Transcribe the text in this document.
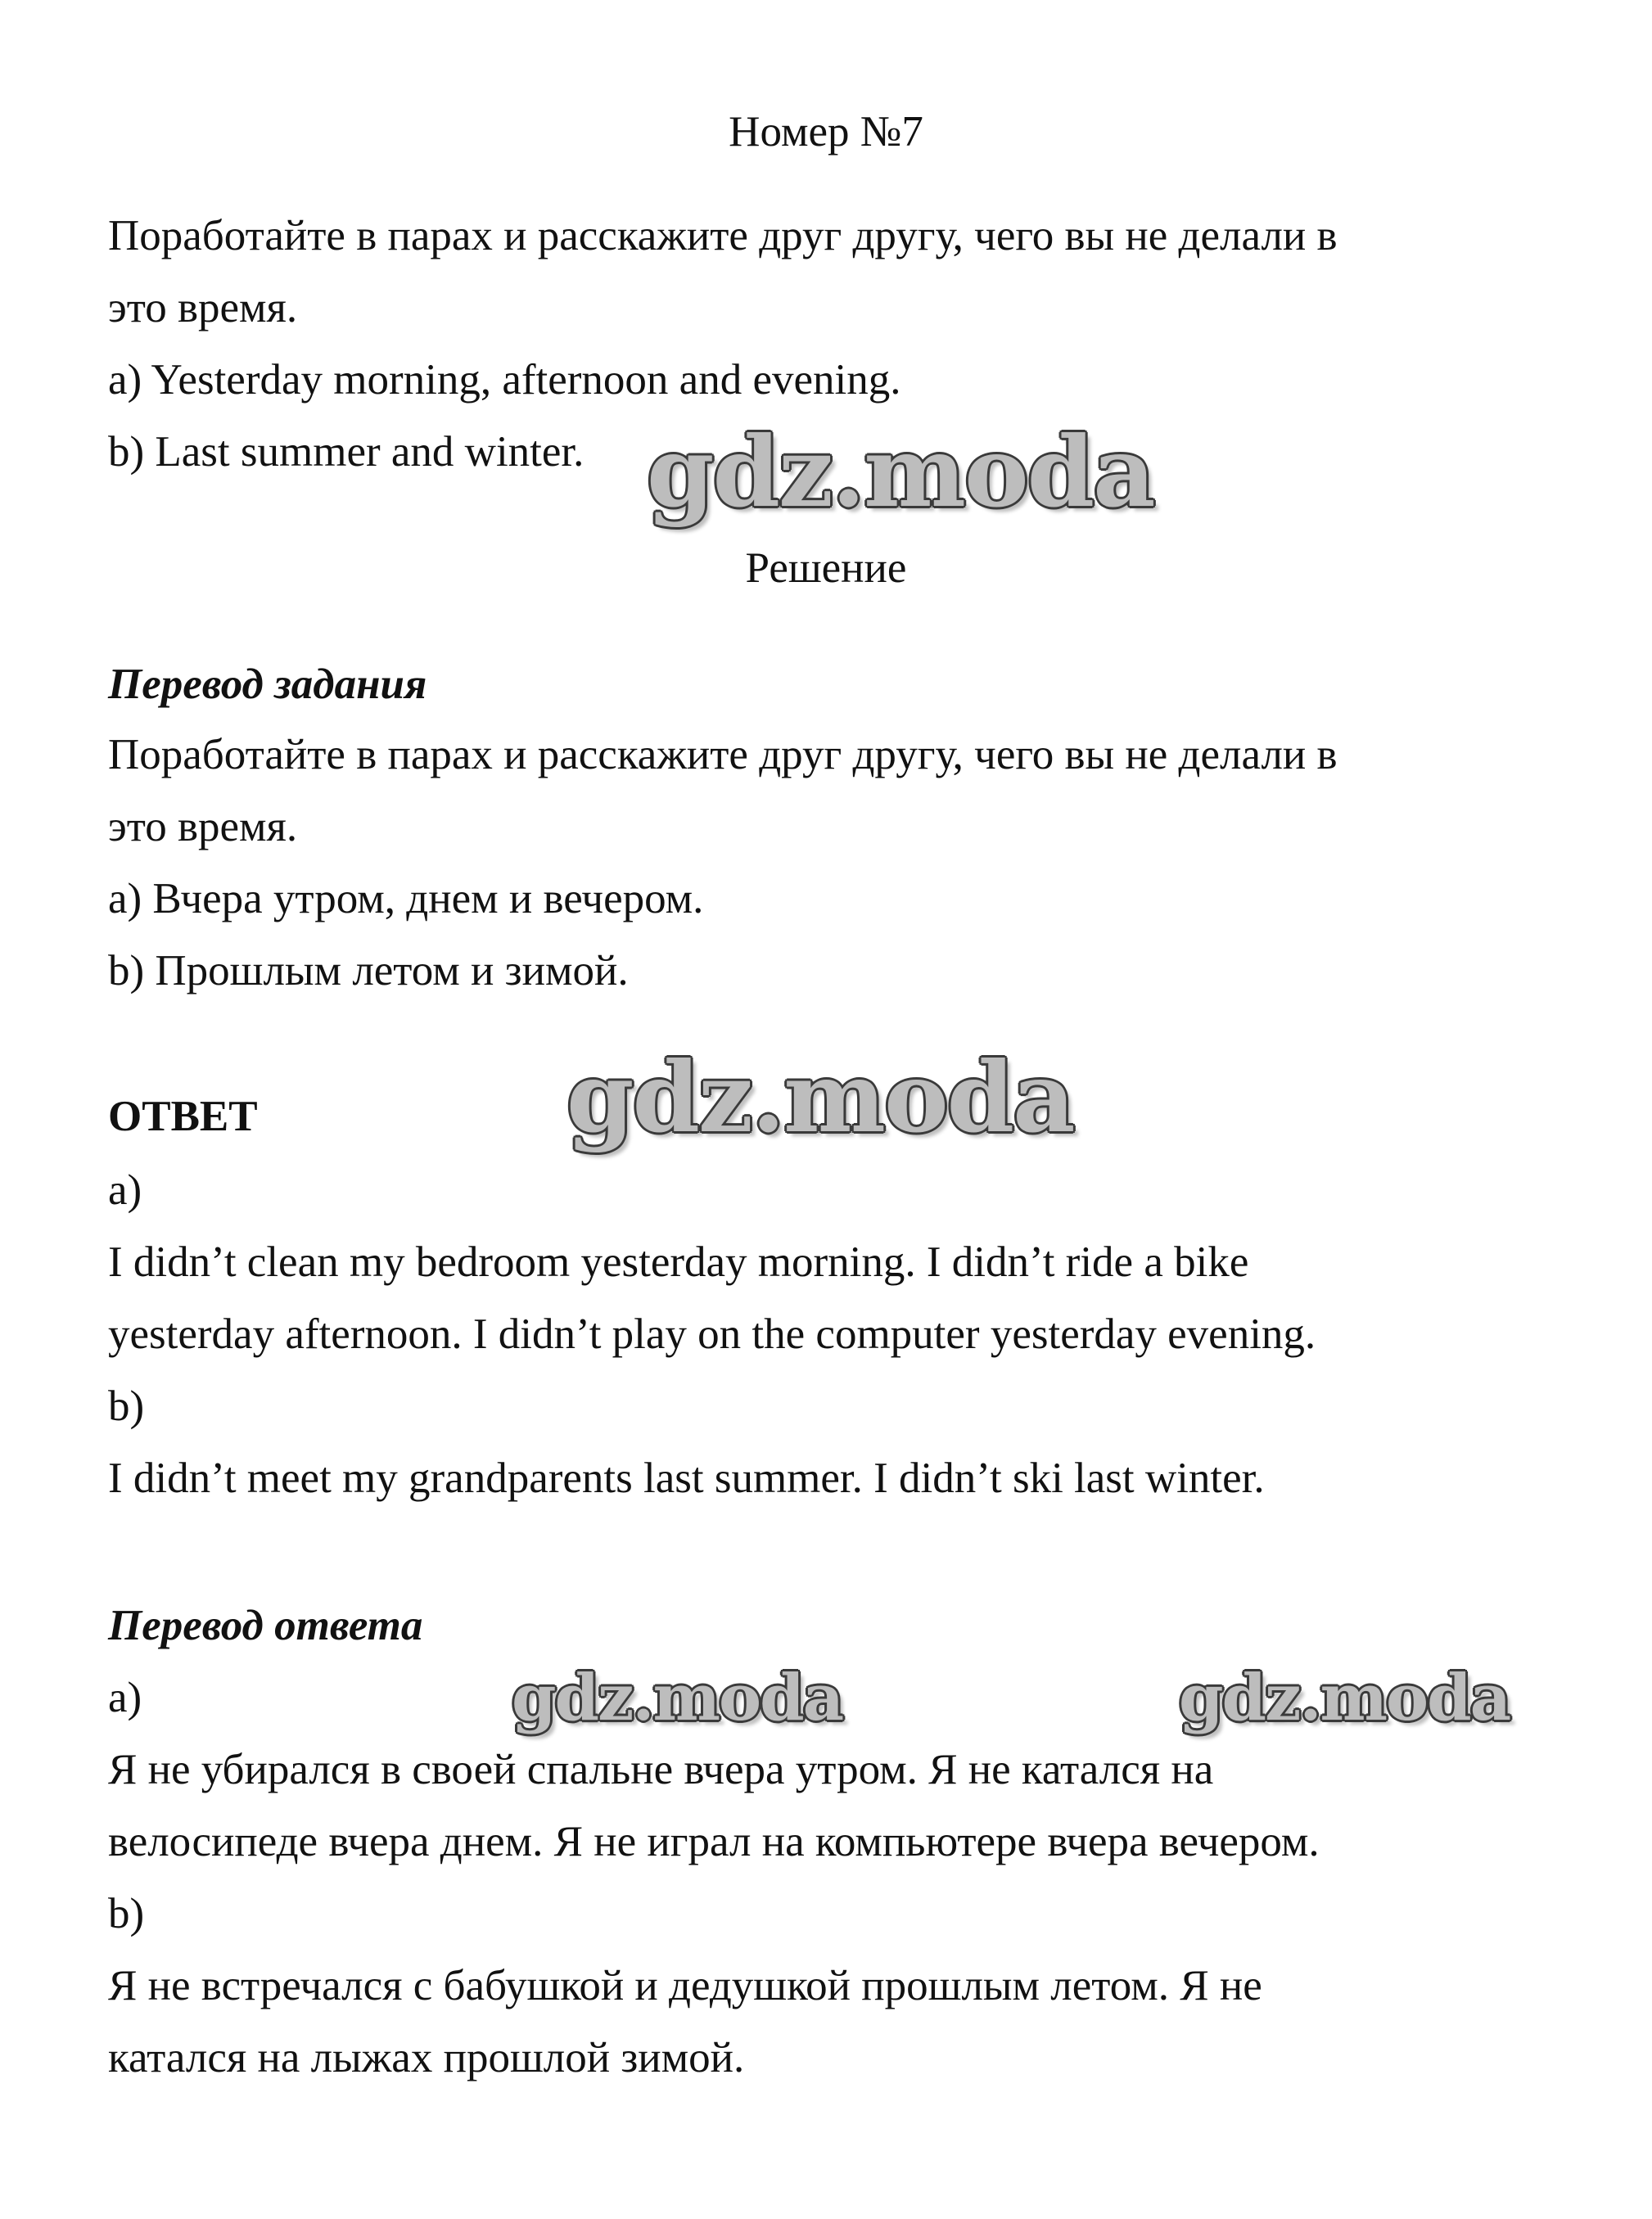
Номер №7
Поработайте в парах и расскажите друг другу, чего вы не делали в
это время.
a) Yesterday morning, afternoon and evening.
b) Last summer and winter. gdz.moda
Решение
Перевод задания
Поработайте в парах и расскажите друг другу, чего вы не делали в
это время.
a) Вчера утром, днем и вечером.
b) Прошлым летом и зимой.
ОТВЕТ	gdz.moda
a)
I didn’t clean my bedroom yesterday morning. I didn’t ride a bike
yesterday afternoon. I didn’t play on the computer yesterday evening.
b)
I didn’t meet my grandparents last summer. I didn’t ski last winter.
Перевод ответа
a)	gdz.moda	gdz.moda
Я не убирался в своей спальне вчера утром. Я не катался на
велосипеде вчера днем. Я не играл на компьютере вчера вечером.
b)
Я не встречался с бабушкой и дедушкой прошлым летом. Я не
катался на лыжах прошлой зимой.
